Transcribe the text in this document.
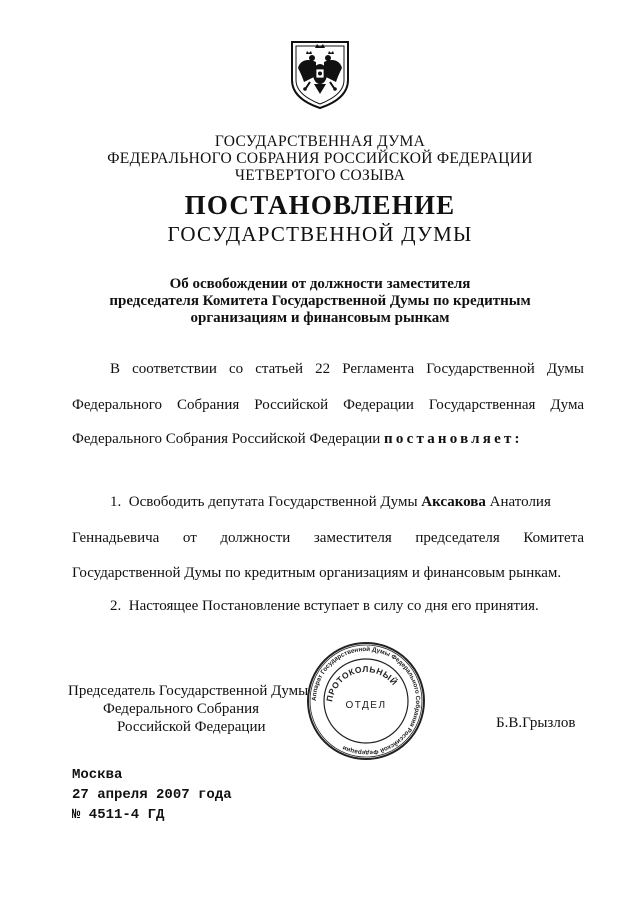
ГОСУДАРСТВЕННАЯ ДУМА
ФЕДЕРАЛЬНОГО СОБРАНИЯ РОССИЙСКОЙ ФЕДЕРАЦИИ
ЧЕТВЕРТОГО СОЗЫВА
ПОСТАНОВЛЕНИЕ
ГОСУДАРСТВЕННОЙ ДУМЫ
Об освобождении от должности заместителя
председателя Комитета Государственной Думы по кредитным
организациям и финансовым рынкам
В соответствии со статьей 22 Регламента Государственной Думы
Федерального Собрания Российской Федерации Государственная Дума
Федерального Собрания Российской Федерации постановляет:
1. Освободить депутата Государственной Думы Аксакова Анатолия
Геннадьевича от должности заместителя председателя Комитета
Государственной Думы по кредитным организациям и финансовым рынкам.
2. Настоящее Постановление вступает в силу со дня его принятия.
Председатель Государственной Думы
Федерального Собрания
Российской Федерации	Б.В.Грызлов
Аппарат Государственной Думы Федерального Собрания Российской Федерации
ПРОТОКОЛЬНЫЙ
ОТДЕЛ
Москва
27 апреля 2007 года
№ 4511-4 ГД
